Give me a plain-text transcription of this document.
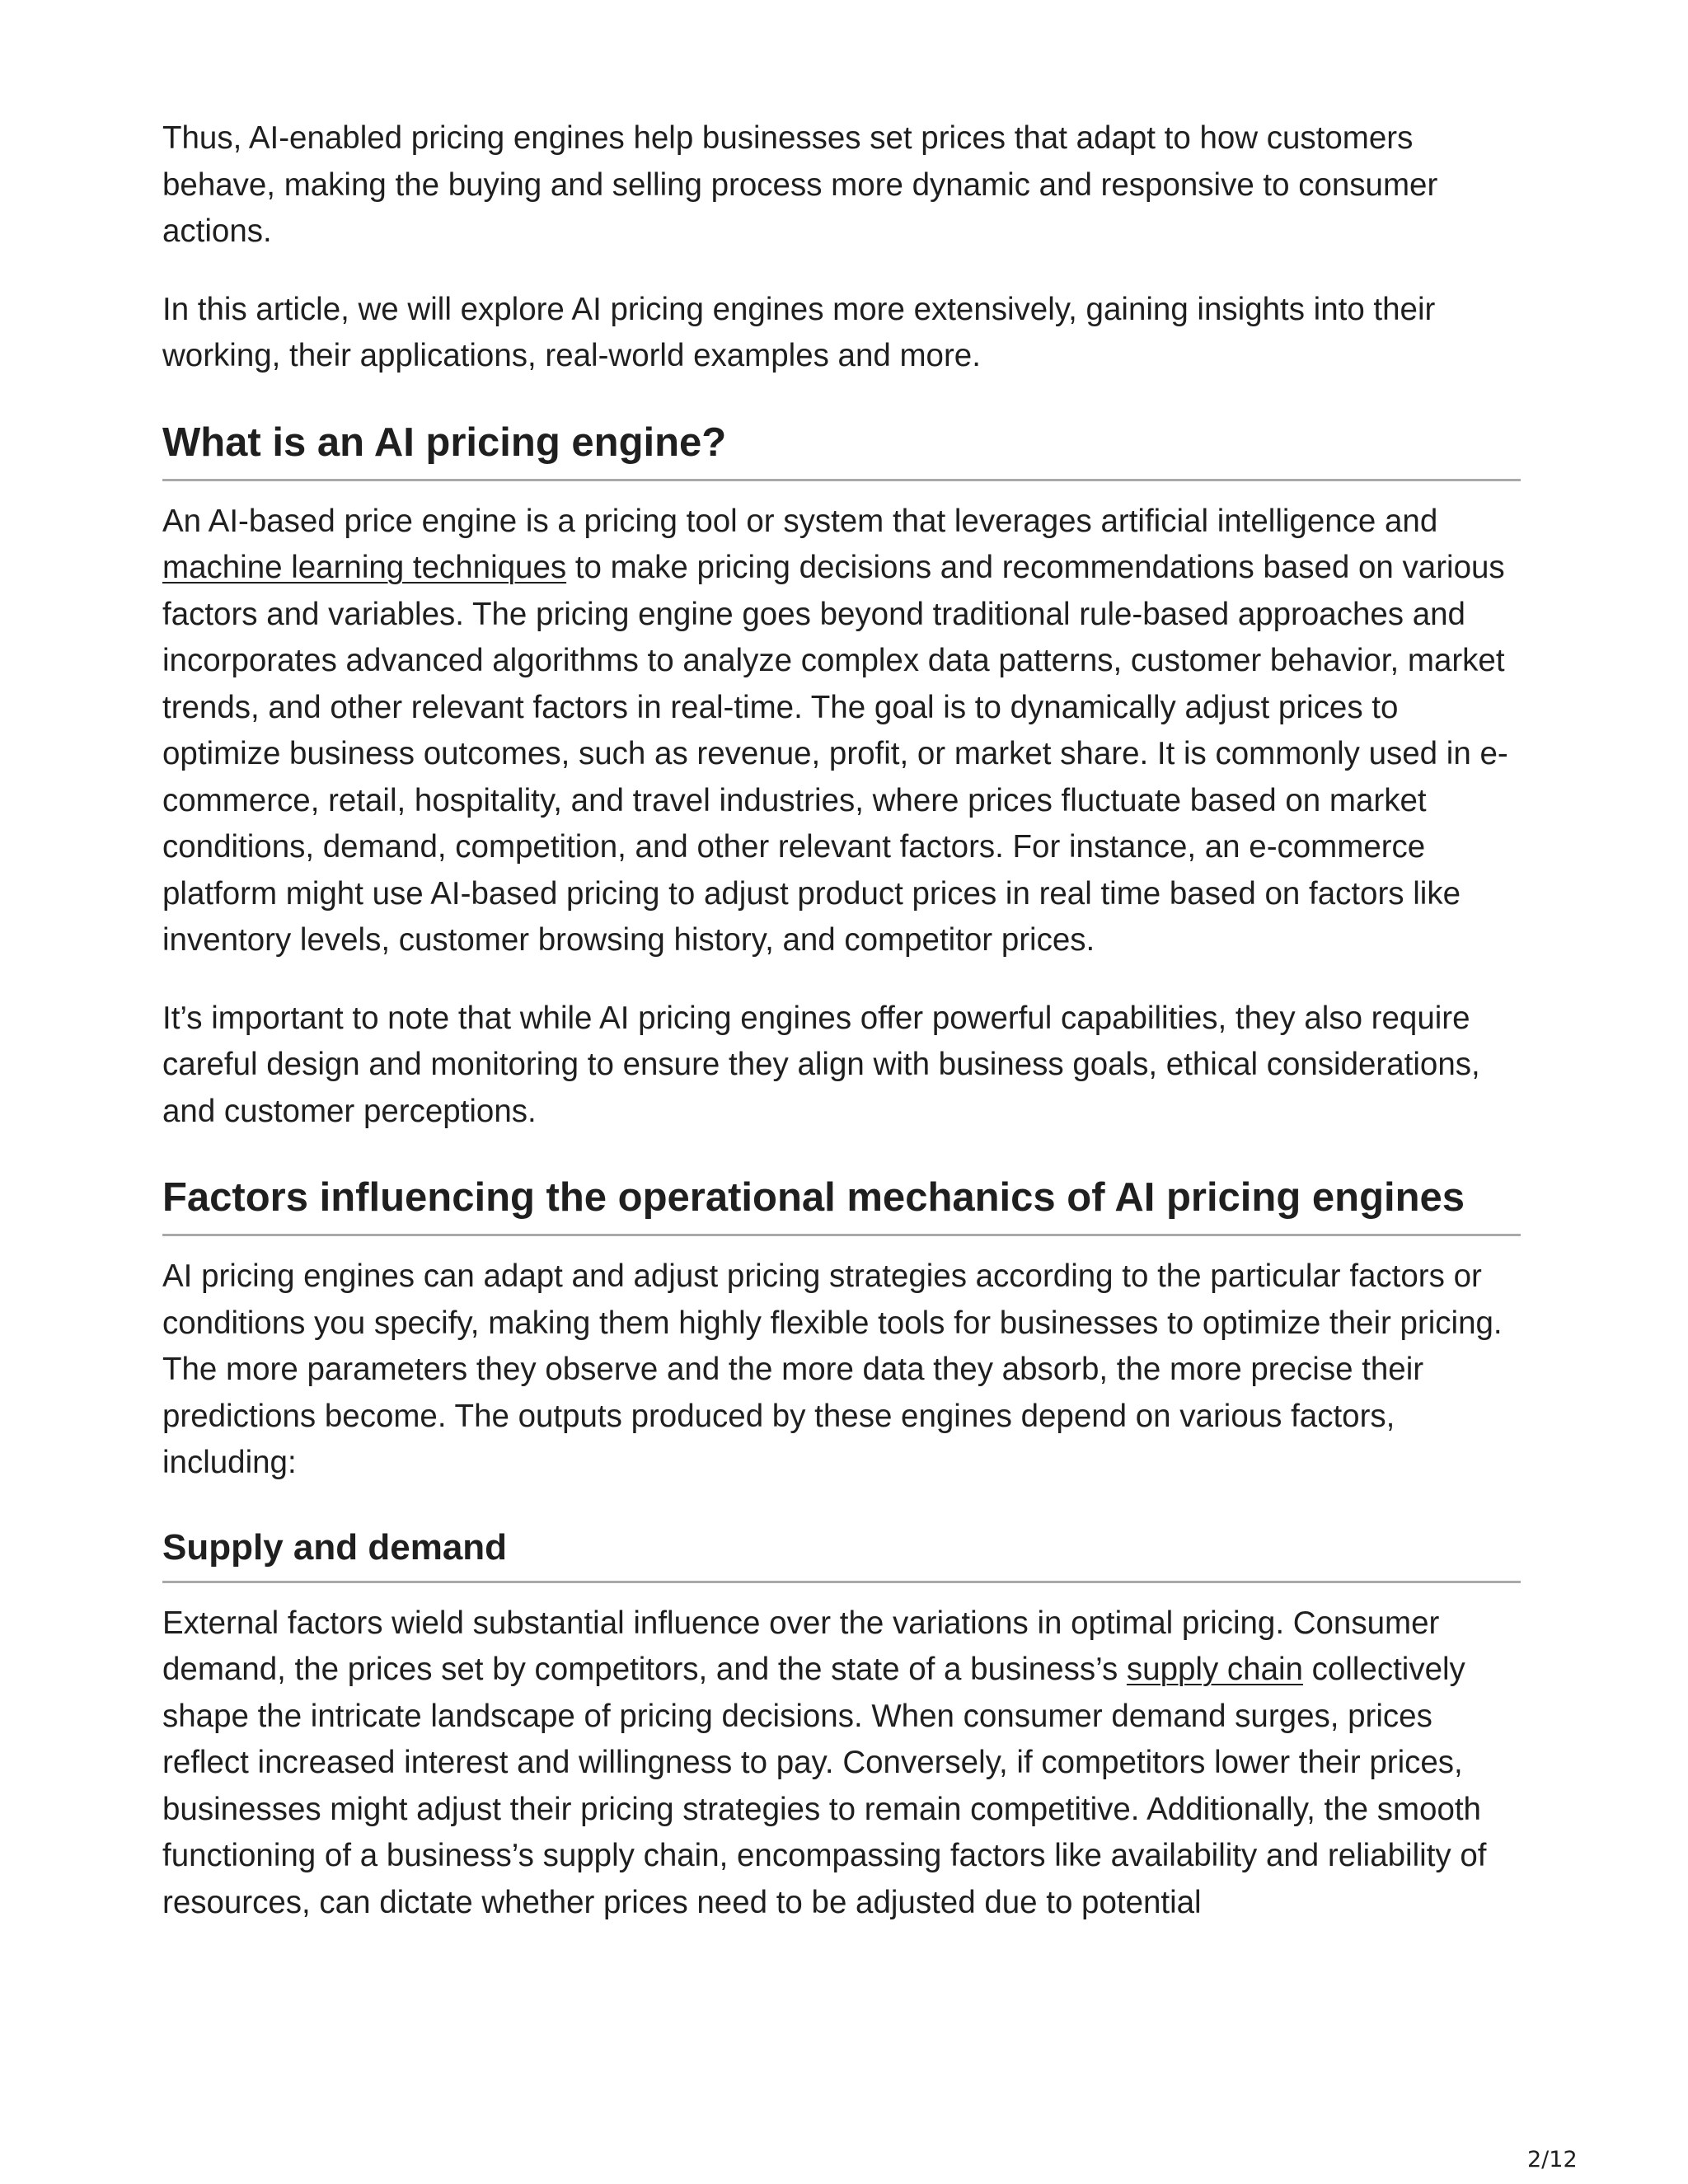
Thus, AI-enabled pricing engines help businesses set prices that adapt to how customers behave, making the buying and selling process more dynamic and responsive to consumer actions.

In this article, we will explore AI pricing engines more extensively, gaining insights into their working, their applications, real-world examples and more.

What is an AI pricing engine?

An AI-based price engine is a pricing tool or system that leverages artificial intelligence and machine learning techniques to make pricing decisions and recommendations based on various factors and variables. The pricing engine goes beyond traditional rule-based approaches and incorporates advanced algorithms to analyze complex data patterns, customer behavior, market trends, and other relevant factors in real-time. The goal is to dynamically adjust prices to optimize business outcomes, such as revenue, profit, or market share. It is commonly used in e-commerce, retail, hospitality, and travel industries, where prices fluctuate based on market conditions, demand, competition, and other relevant factors. For instance, an e-commerce platform might use AI-based pricing to adjust product prices in real time based on factors like inventory levels, customer browsing history, and competitor prices.

It’s important to note that while AI pricing engines offer powerful capabilities, they also require careful design and monitoring to ensure they align with business goals, ethical considerations, and customer perceptions.

Factors influencing the operational mechanics of AI pricing engines

AI pricing engines can adapt and adjust pricing strategies according to the particular factors or conditions you specify, making them highly flexible tools for businesses to optimize their pricing. The more parameters they observe and the more data they absorb, the more precise their predictions become. The outputs produced by these engines depend on various factors, including:

Supply and demand

External factors wield substantial influence over the variations in optimal pricing. Consumer demand, the prices set by competitors, and the state of a business’s supply chain collectively shape the intricate landscape of pricing decisions. When consumer demand surges, prices reflect increased interest and willingness to pay. Conversely, if competitors lower their prices, businesses might adjust their pricing strategies to remain competitive. Additionally, the smooth functioning of a business’s supply chain, encompassing factors like availability and reliability of resources, can dictate whether prices need to be adjusted due to potential

2/12
